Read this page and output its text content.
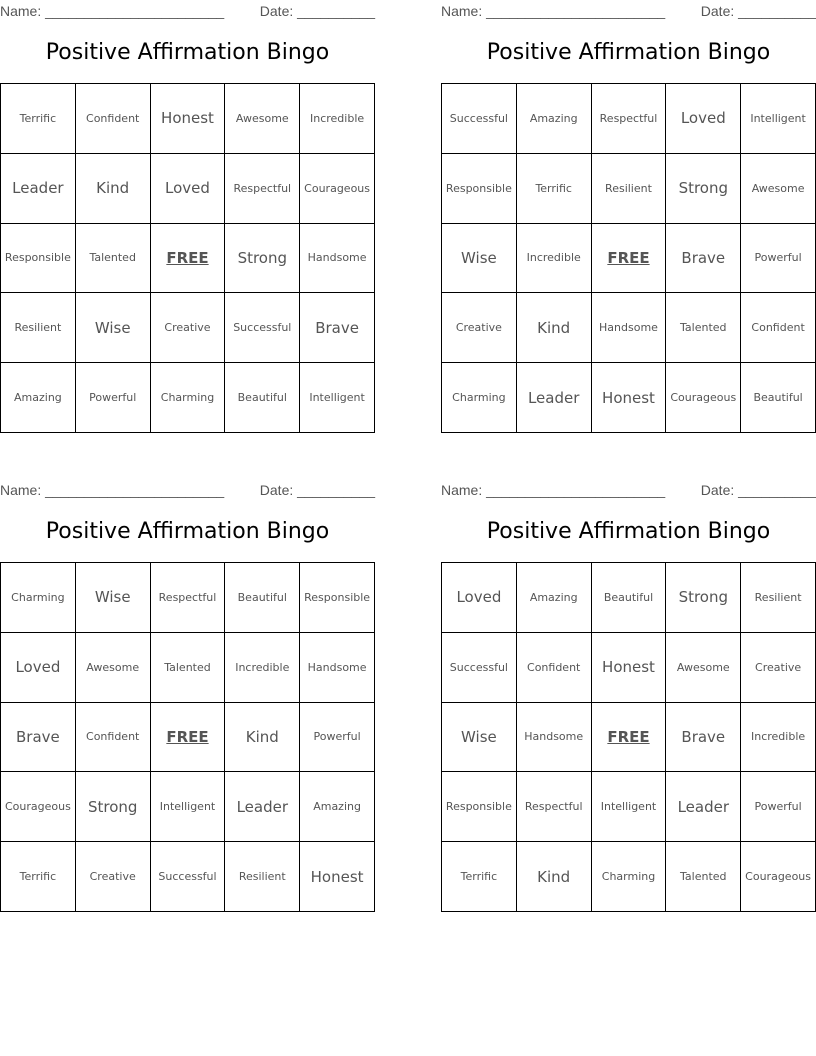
Name: _______________________	Date: __________
Positive Affirmation Bingo
Terrific	Confident	Honest	Awesome	Incredible
Leader	Kind	Loved	Respectful	Courageous
Responsible	Talented	FREE	Strong	Handsome
Resilient	Wise	Creative	Successful	Brave
Amazing	Powerful	Charming	Beautiful	Intelligent
Name: _______________________	Date: __________
Positive Affirmation Bingo
Successful	Amazing	Respectful	Loved	Intelligent
Responsible	Terrific	Resilient	Strong	Awesome
Wise	Incredible	FREE	Brave	Powerful
Creative	Kind	Handsome	Talented	Confident
Charming	Leader	Honest	Courageous	Beautiful
Name: _______________________	Date: __________
Positive Affirmation Bingo
Charming	Wise	Respectful	Beautiful	Responsible
Loved	Awesome	Talented	Incredible	Handsome
Brave	Confident	FREE	Kind	Powerful
Courageous	Strong	Intelligent	Leader	Amazing
Terrific	Creative	Successful	Resilient	Honest
Name: _______________________	Date: __________
Positive Affirmation Bingo
Loved	Amazing	Beautiful	Strong	Resilient
Successful	Confident	Honest	Awesome	Creative
Wise	Handsome	FREE	Brave	Incredible
Responsible	Respectful	Intelligent	Leader	Powerful
Terrific	Kind	Charming	Talented	Courageous
